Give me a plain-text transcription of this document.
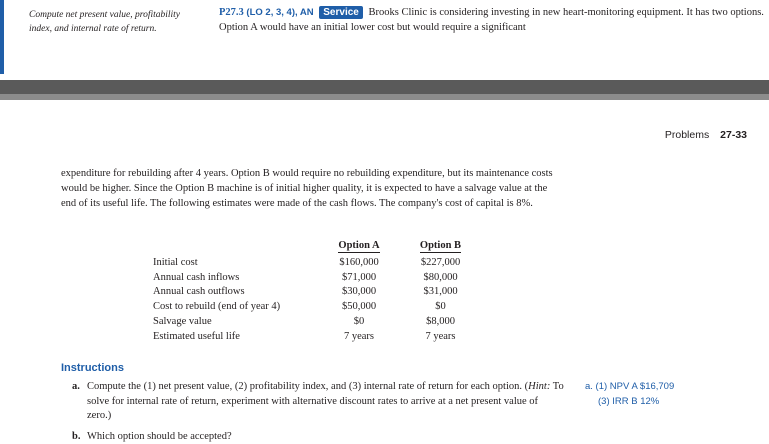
Compute net present value, profitability index, and internal rate of return.
P27.3 (LO 2, 3, 4), AN Service Brooks Clinic is considering investing in new heart-monitoring equipment. It has two options. Option A would have an initial lower cost but would require a significant
Problems 27-33
expenditure for rebuilding after 4 years. Option B would require no rebuilding expenditure, but its maintenance costs would be higher. Since the Option B machine is of initial higher quality, it is expected to have a salvage value at the end of its useful life. The following estimates were made of the cash flows. The company's cost of capital is 8%.
	Option A	Option B
Initial cost	$160,000	$227,000
Annual cash inflows	$71,000	$80,000
Annual cash outflows	$30,000	$31,000
Cost to rebuild (end of year 4)	$50,000	$0
Salvage value	$0	$8,000
Estimated useful life	7 years	7 years
Instructions
a. Compute the (1) net present value, (2) profitability index, and (3) internal rate of return for each option. (Hint: To solve for internal rate of return, experiment with alternative discount rates to arrive at a net present value of zero.)
b. Which option should be accepted?
a. (1) NPV A $16,709
(3) IRR B 12%
